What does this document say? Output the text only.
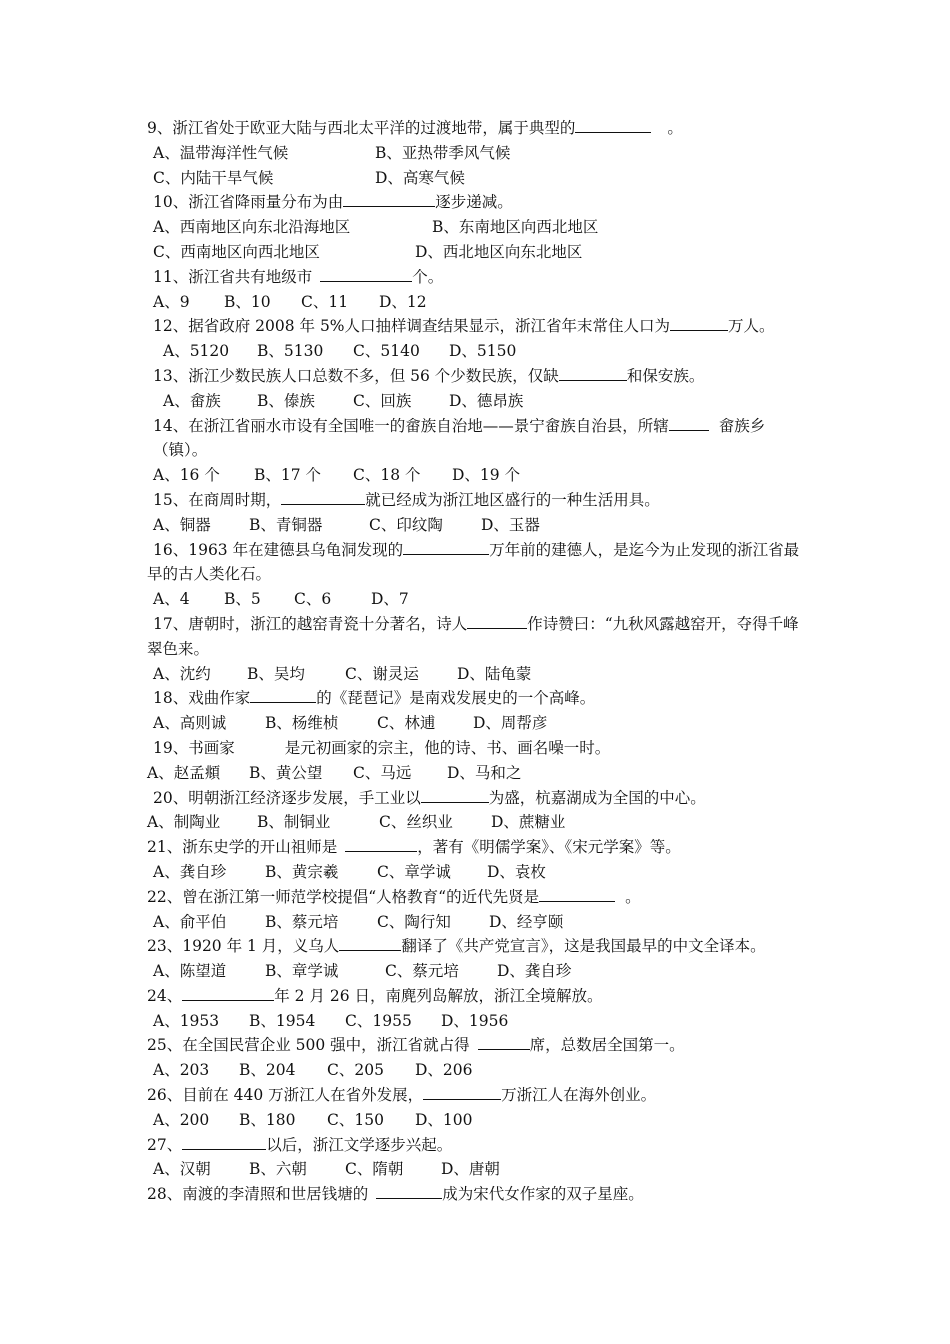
9、浙江省处于欧亚大陆与西北太平洋的过渡地带，属于典型的	。
A、温带海洋性气候	B、亚热带季风气候
C、内陆干旱气候	D、高寒气候
10、浙江省降雨量分布为由	逐步递减。
A、西南地区向东北沿海地区	B、东南地区向西北地区
C、西南地区向西北地区	D、西北地区向东北地区
11、浙江省共有地级市	个。
A、9 B、10 C、11 D、12
12、据省政府 2008 年 5%人口抽样调查结果显示，浙江省年末常住人口为	万人。
A、5120 B、5130 C、5140 D、5150
13、浙江少数民族人口总数不多，但 56 个少数民族，仅缺	和保安族。
A、畲族 B、傣族 C、回族 D、德昂族
14、在浙江省丽水市设有全国唯一的畲族自治地——景宁畲族自治县，所辖	畲族乡（镇）。
A、16 个 B、17 个 C、18 个 D、19 个
15、在商周时期，	就已经成为浙江地区盛行的一种生活用具。
A、铜器 B、青铜器	C、印纹陶 D、玉器
16、1963 年在建德县乌龟洞发现的	万年前的建德人，是迄今为止发现的浙江省最早的古人类化石。
A、4 B、5 C、6	D、7
17、唐朝时，浙江的越窑青瓷十分著名，诗人	作诗赞曰：“九秋风露越窑开，夺得千峰翠色来。
A、沈约 B、吴均	C、谢灵运 D、陆龟蒙
18、戏曲作家	的《琵琶记》是南戏发展史的一个高峰。
A、高则诚	B、杨维桢 C、林逋 D、周帮彦
19、书画家	是元初画家的宗主，他的诗、书、画名噪一时。
A、赵孟頫 B、黄公望 C、马远 D、马和之
20、明朝浙江经济逐步发展，手工业以	为盛，杭嘉湖成为全国的中心。
A、制陶业 B、制铜业	C、丝织业 D、蔗糖业
21、浙东史学的开山祖师是	，著有《明儒学案》、《宋元学案》等。
A、龚自珍	B、黄宗羲 C、章学诚 D、袁枚
22、曾在浙江第一师范学校提倡“人格教育“的近代先贤是	。
A、俞平伯	B、蔡元培 C、陶行知 D、经亨颐
23、1920 年 1 月，义乌人	翻译了《共产党宣言》，这是我国最早的中文全译本。
A、陈望道	B、章学诚	C、蔡元培 D、龚自珍
24、	年 2 月 26 日，南麂列岛解放，浙江全境解放。
A、1953 B、1954 C、1955 D、1956
25、在全国民营企业 500 强中，浙江省就占得	席，总数居全国第一。
A、203 B、204 C、205 D、206
26、目前在 440 万浙江人在省外发展，	万浙江人在海外创业。
A、200 B、180 C、150 D、100
27、	以后，浙江文学逐步兴起。
A、汉朝 B、六朝 C、隋朝 D、唐朝
28、南渡的李清照和世居钱塘的	成为宋代女作家的双子星座。
